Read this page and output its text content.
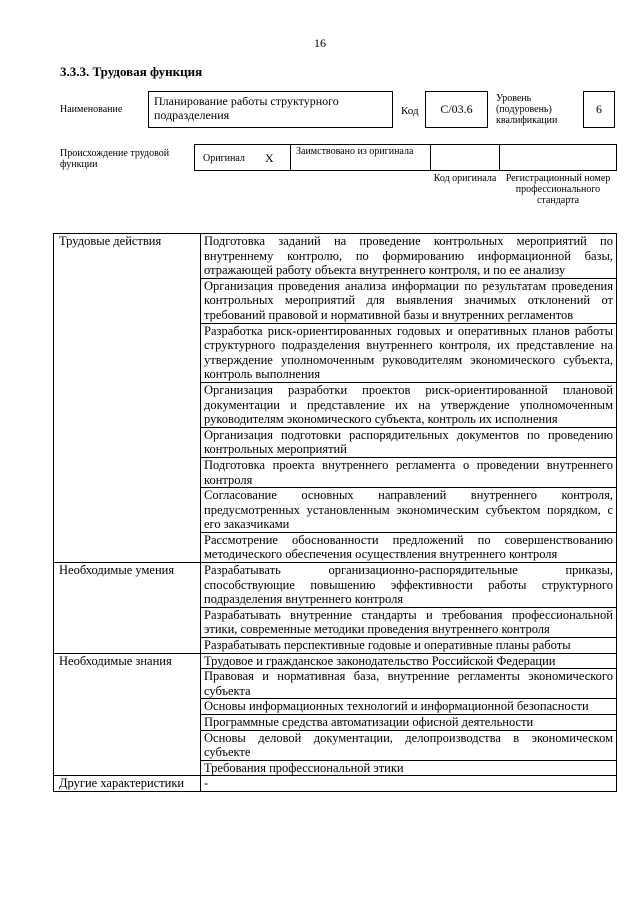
16
3.3.3. Трудовая функция
Наименование
Планирование работы структурного подразделения	Код	C/03.6
Уровень (подуровень) квалификации
6
Происхождение трудовой функции
Оригинал X	Заимствовано из оригинала
Код оригинала Регистрационный номер профессионального стандарта
Трудовые действия	Подготовка заданий на проведение контрольных мероприятий по внутреннему контролю, по формированию информационной базы, отражающей работу объекта внутреннего контроля, и по ее анализу
	Организация проведения анализа информации по результатам проведения контрольных мероприятий для выявления значимых отклонений от требований правовой и нормативной базы и внутренних регламентов
	Разработка риск-ориентированных годовых и оперативных планов работы структурного подразделения внутреннего контроля, их представление на утверждение уполномоченным руководителям экономического субъекта, контроль выполнения
	Организация разработки проектов риск-ориентированной плановой документации и представление их на утверждение уполномоченным руководителям экономического субъекта, контроль их исполнения
	Организация подготовки распорядительных документов по проведению контрольных мероприятий
	Подготовка проекта внутреннего регламента о проведении внутреннего контроля
	Согласование основных направлений внутреннего контроля, предусмотренных установленным экономическим субъектом порядком, с его заказчиками
	Рассмотрение обоснованности предложений по совершенствованию методического обеспечения осуществления внутреннего контроля
Необходимые умения	Разрабатывать организационно-распорядительные приказы, способствующие повышению эффективности работы структурного подразделения внутреннего контроля
	Разрабатывать внутренние стандарты и требования профессиональной этики, современные методики проведения внутреннего контроля
	Разрабатывать перспективные годовые и оперативные планы работы
Необходимые знания	Трудовое и гражданское законодательство Российской Федерации
	Правовая и нормативная база, внутренние регламенты экономического субъекта
	Основы информационных технологий и информационной безопасности
	Программные средства автоматизации офисной деятельности
	Основы деловой документации, делопроизводства в экономическом субъекте
	Требования профессиональной этики
Другие характеристики	-
